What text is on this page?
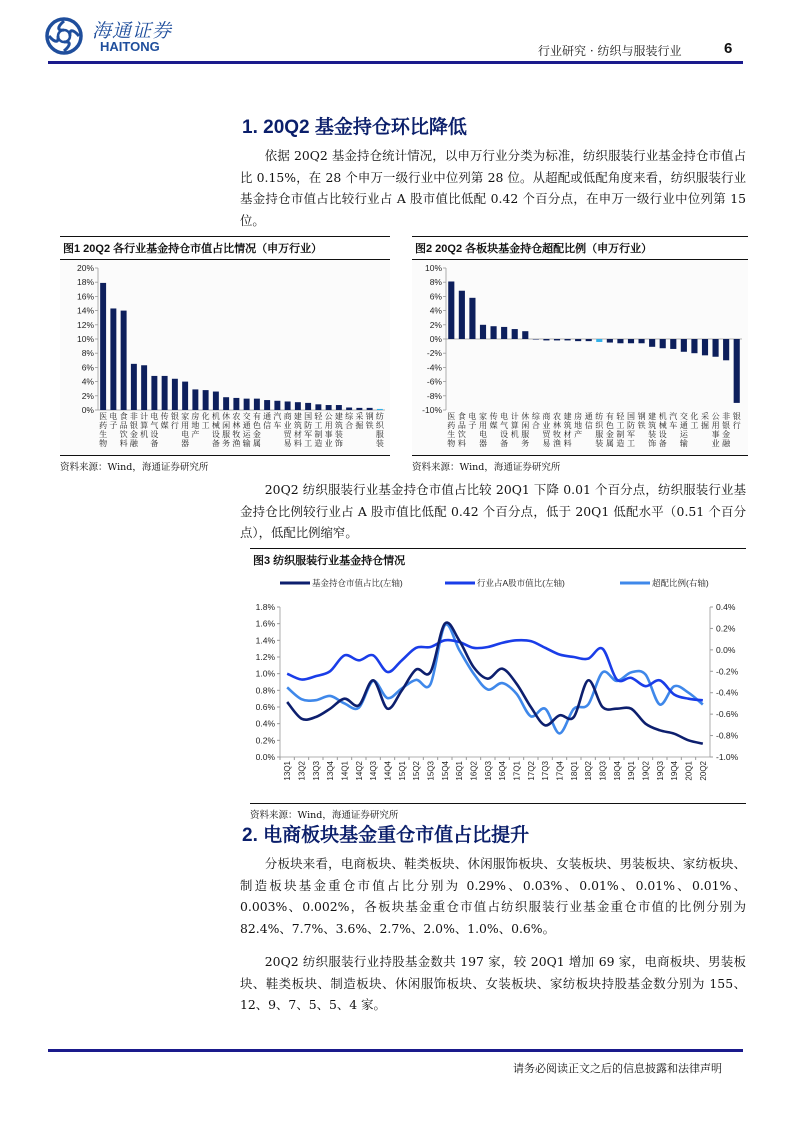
海通证券
HAITONG	行业研究 · 纺织与服装行业	6
1. 20Q2 基金持仓环比降低

依据 20Q2 基金持仓统计情况，以申万行业分类为标准，纺织服装行业基金持仓市值占比 0.15%，在 28 个申万一级行业中位列第 28 位。从超配或低配角度来看，纺织服装行业基金持仓市值占比较行业占 A 股市值比低配 0.42 个百分点，在申万一级行业中位列第 15 位。

图1 20Q2 各行业基金持仓市值占比情况（申万行业）
0%
2%
4%
6%
8%
10%
12%
14%
16%
18%
20%
医
药
生
物
电
子
食
品
饮
料
非
银
金
融
计
算
机
电
气
设
备
传
媒
银
行
家
用
电
器
房
地
产
化
工
机
械
设
备
休
闲
服
务
农
林
牧
渔
交
通
运
输
有
色
金
属
通
信
汽
车
商
业
贸
易
建
筑
材
料
国
防
军
工
轻
工
制
造
公
用
事
业
建
筑
装
饰
综
合
采
掘
钢
铁
纺
织
服
装
资料来源：Wind，海通证券研究所
图2 20Q2 各板块基金持仓超配比例（申万行业）
-10%
-8%
-6%
-4%
-2%
0%
2%
4%
6%
8%
10%
医
药
生
物
食
品
饮
料
电
子
家
用
电
器
传
媒
电
气
设
备
计
算
机
休
闲
服
务
综
合
商
业
贸
易
农
林
牧
渔
建
筑
材
料
房
地
产
通
信
纺
织
服
装
有
色
金
属
轻
工
制
造
国
防
军
工
钢
铁
建
筑
装
饰
机
械
设
备
汽
车
交
通
运
输
化
工
采
掘
公
用
事
业
非
银
金
融
银
行
资料来源：Wind，海通证券研究所

20Q2 纺织服装行业基金持仓市值占比较 20Q1 下降 0.01 个百分点，纺织服装行业基金持仓比例较行业占 A 股市值比低配 0.42 个百分点，低于 20Q1 低配水平（0.51 个百分点），低配比例缩窄。

图3 纺织服装行业基金持仓情况
基金持仓市值占比(左轴)	行业占A股市值比(左轴)	超配比例(右轴)
0.0%
0.2%
0.4%
0.6%
0.8%
1.0%
1.2%
1.4%
1.6%
1.8%
-1.0%
-0.8%
-0.6%
-0.4%
-0.2%
0.0%
0.2%
0.4%
13Q1 13Q2 13Q3 13Q4 14Q1 14Q2 14Q3 14Q4 15Q1 15Q2 15Q3 15Q4 16Q1 16Q2 16Q3 16Q4 17Q1 17Q2 17Q3 17Q4 18Q1 18Q2 18Q3 18Q4 19Q1 19Q2 19Q3 19Q4 20Q1 20Q2
资料来源：Wind，海通证券研究所
2. 电商板块基金重仓市值占比提升

分板块来看，电商板块、鞋类板块、休闲服饰板块、女装板块、男装板块、家纺板块、制造板块基金重仓市值占比分别为 0.29%、0.03%、0.01%、0.01%、0.01%、0.003%、0.002%，各板块基金重仓市值占纺织服装行业基金重仓市值的比例分别为 82.4%、7.7%、3.6%、2.7%、2.0%、1.0%、0.6%。

20Q2 纺织服装行业持股基金数共 197 家，较 20Q1 增加 69 家，电商板块、男装板块、鞋类板块、制造板块、休闲服饰板块、女装板块、家纺板块持股基金数分别为 155、12、9、7、5、5、4 家。

请务必阅读正文之后的信息披露和法律声明
